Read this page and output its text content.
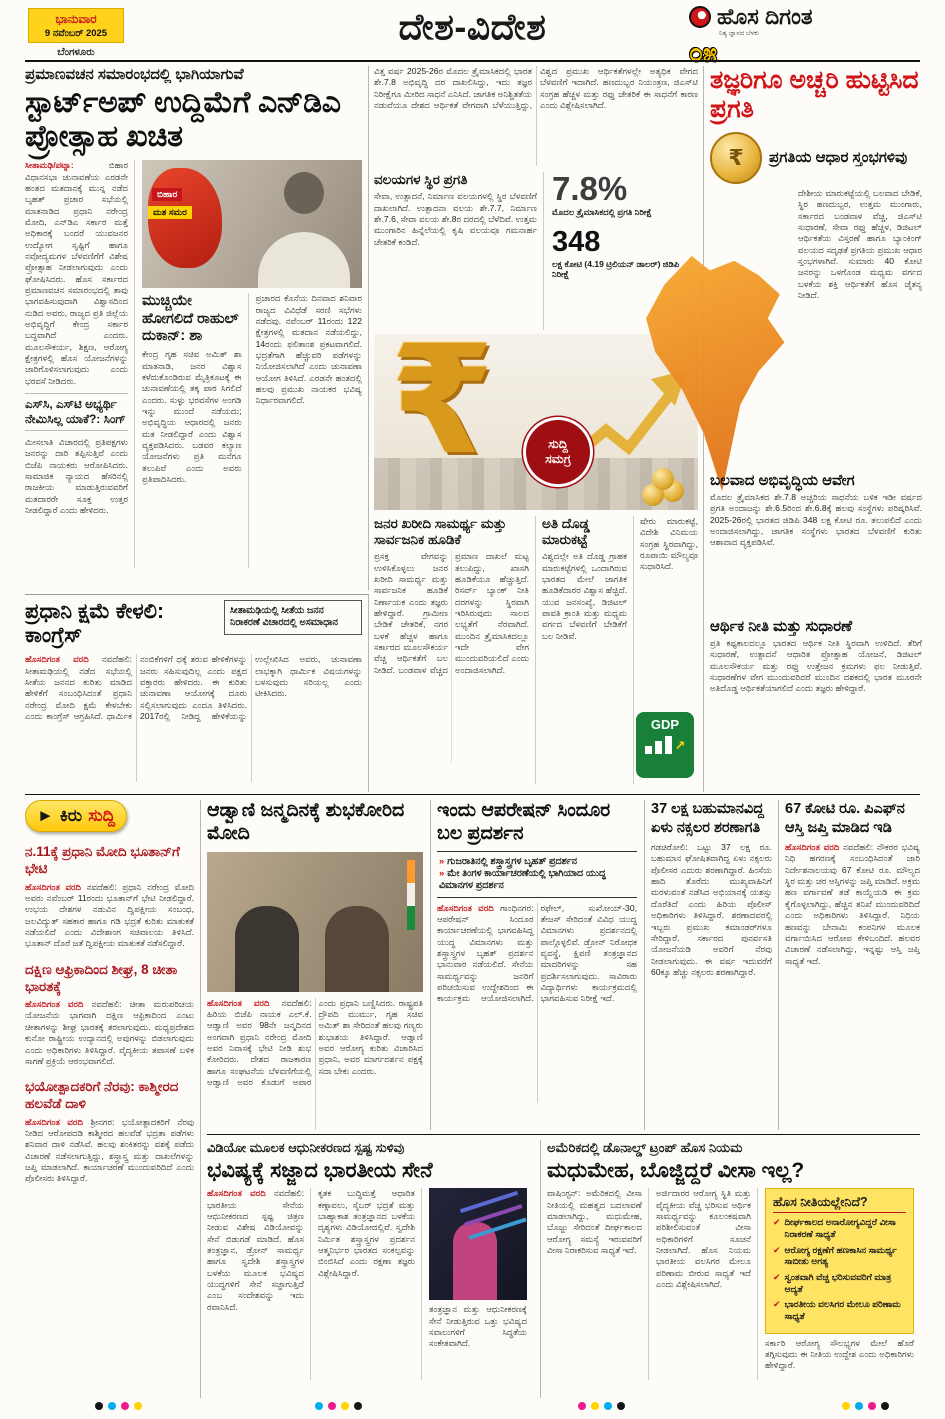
ಭಾನುವಾರ
9 ನವೆಂಬರ್ 2025
ಬೆಂಗಳೂರು
ದೇಶ-ವಿದೇಶ	ಹೊಸ ದಿಗಂತ
ನಿತ್ಯ ಜ್ಞಾನದ ಬೆಳಕು
೦೫
ಪ್ರಮಾಣವಚನ ಸಮಾರಂಭದಲ್ಲಿ ಭಾಗಿಯಾಗುವೆ
ಸ್ಟಾರ್ಟ್‌ಅಪ್ ಉದ್ದಿಮೆಗೆ ಎನ್‌ಡಿಎ ಪ್ರೋತ್ಸಾಹ ಖಚಿತ

ಸೀತಾಮಢಿ/ಪಟ್ನಾ:	ಬಿಹಾರ ವಿಧಾನಸಭಾ ಚುನಾವಣೆಯ ಎರಡನೇ ಹಂತದ ಮತದಾನಕ್ಕೆ ಮುನ್ನ ನಡೆದ ಬೃಹತ್ ಪ್ರಚಾರ ಸಭೆಯಲ್ಲಿ ಮಾತನಾಡಿದ ಪ್ರಧಾನಿ ನರೇಂದ್ರ ಮೋದಿ, ಎನ್‌ಡಿಎ ಸರ್ಕಾರ ಮತ್ತೆ ಅಧಿಕಾರಕ್ಕೆ ಬಂದರೆ ಯುವಜನರ ಉದ್ಯೋಗ ಸೃಷ್ಟಿಗೆ ಹಾಗೂ ನವೋದ್ಯಮಗಳ ಬೆಳವಣಿಗೆಗೆ ವಿಶೇಷ ಪ್ರೋತ್ಸಾಹ ನೀಡಲಾಗುವುದು ಎಂದು ಘೋಷಿಸಿದರು. ಹೊಸ ಸರ್ಕಾರದ ಪ್ರಮಾಣವಚನ ಸಮಾರಂಭದಲ್ಲಿ ತಾವು ಭಾಗವಹಿಸುವುದಾಗಿ ವಿಶ್ವಾಸದಿಂದ ನುಡಿದ ಅವರು, ರಾಜ್ಯದ ಪ್ರತಿ ಜಿಲ್ಲೆಯ ಅಭಿವೃದ್ಧಿಗೆ ಕೇಂದ್ರ ಸರ್ಕಾರ ಬದ್ಧವಾಗಿದೆ ಎಂದರು. ಮೂಲಸೌಕರ್ಯ, ಶಿಕ್ಷಣ, ಆರೋಗ್ಯ ಕ್ಷೇತ್ರಗಳಲ್ಲಿ ಹೊಸ ಯೋಜನೆಗಳನ್ನು ಜಾರಿಗೊಳಿಸಲಾಗುವುದು ಎಂದು ಭರವಸೆ ನೀಡಿದರು.

ಎಸ್‌ಸಿ, ಎಸ್‌ಟಿ ಅಭ್ಯರ್ಥಿ ನೇಮಿಸಿಲ್ಲ ಯಾಕೆ?: ಸಿಂಗ್

ಮೀಸಲಾತಿ ವಿಚಾರದಲ್ಲಿ ಪ್ರತಿಪಕ್ಷಗಳು ಜನರನ್ನು ದಾರಿ ತಪ್ಪಿಸುತ್ತಿವೆ ಎಂದು ಬಿಜೆಪಿ ನಾಯಕರು ಆರೋಪಿಸಿದರು. ಸಾಮಾಜಿಕ ನ್ಯಾಯದ ಹೆಸರಿನಲ್ಲಿ ರಾಜಕೀಯ ಮಾಡುತ್ತಿರುವವರಿಗೆ ಮತದಾರರೇ ಸೂಕ್ತ ಉತ್ತರ ನೀಡಲಿದ್ದಾರೆ ಎಂದು ಹೇಳಿದರು.

ಬಿಹಾರ
ಮತ ಸಮರ
ಮುಚ್ಚಿಯೇ ಹೋಗಲಿದೆ ರಾಹುಲ್ ದುಕಾನ್: ಶಾ

ಕೇಂದ್ರ ಗೃಹ ಸಚಿವ ಅಮಿತ್ ಶಾ ಮಾತನಾಡಿ, ಜನರ ವಿಶ್ವಾಸ ಕಳೆದುಕೊಂಡಿರುವ ಮೈತ್ರಿಕೂಟಕ್ಕೆ ಈ ಚುನಾವಣೆಯಲ್ಲಿ ತಕ್ಕ ಪಾಠ ಸಿಗಲಿದೆ ಎಂದರು. ಸುಳ್ಳು ಭರವಸೆಗಳ ಅಂಗಡಿ ಇನ್ನು ಮುಂದೆ ನಡೆಯದು; ಅಭಿವೃದ್ಧಿಯ ಆಧಾರದಲ್ಲಿ ಜನರು ಮತ ನೀಡಲಿದ್ದಾರೆ ಎಂದು ವಿಶ್ವಾಸ ವ್ಯಕ್ತಪಡಿಸಿದರು. ಬಡವರ ಕಲ್ಯಾಣ ಯೋಜನೆಗಳು ಪ್ರತಿ ಮನೆಗೂ ತಲುಪಿವೆ ಎಂದು ಅವರು ಪ್ರತಿಪಾದಿಸಿದರು.

ಪ್ರಚಾರದ ಕೊನೆಯ ದಿನವಾದ ಶನಿವಾರ ರಾಜ್ಯದ ವಿವಿಧೆಡೆ ಸರಣಿ ಸಭೆಗಳು ನಡೆದವು. ನವೆಂಬರ್ 11ರಂದು 122 ಕ್ಷೇತ್ರಗಳಲ್ಲಿ ಮತದಾನ ನಡೆಯಲಿದ್ದು, 14ರಂದು ಫಲಿತಾಂಶ ಪ್ರಕಟವಾಗಲಿದೆ. ಭದ್ರತೆಗಾಗಿ ಹೆಚ್ಚುವರಿ ಪಡೆಗಳನ್ನು ನಿಯೋಜಿಸಲಾಗಿದೆ ಎಂದು ಚುನಾವಣಾ ಆಯೋಗ ತಿಳಿಸಿದೆ. ಎರಡನೇ ಹಂತದಲ್ಲಿ ಹಲವು ಪ್ರಮುಖ ನಾಯಕರ ಭವಿಷ್ಯ ನಿರ್ಧಾರವಾಗಲಿದೆ.

ಪ್ರಧಾನಿ ಕ್ಷಮೆ ಕೇಳಲಿ: ಕಾಂಗ್ರೆಸ್
ಸೀತಾಮಢಿಯಲ್ಲಿ ಸೀತೆಯ ಜನನ ನಿರಾಕರಣೆ ವಿಚಾರದಲ್ಲಿ ಅಸಮಾಧಾನ
ಹೊಸದಿಗಂತ ವರದಿ ನವದೆಹಲಿ: ಸೀತಾಮಢಿಯಲ್ಲಿ ನಡೆದ ಸಭೆಯಲ್ಲಿ ಸೀತೆಯ ಜನನದ ಕುರಿತು ಮಾಡಿದ ಹೇಳಿಕೆಗೆ ಸಂಬಂಧಿಸಿದಂತೆ ಪ್ರಧಾನಿ ನರೇಂದ್ರ ಮೋದಿ ಕ್ಷಮೆ ಕೇಳಬೇಕು ಎಂದು ಕಾಂಗ್ರೆಸ್ ಆಗ್ರಹಿಸಿದೆ. ಧಾರ್ಮಿಕ ನಂಬಿಕೆಗಳಿಗೆ ಧಕ್ಕೆ ತರುವ ಹೇಳಿಕೆಗಳನ್ನು ಜನರು ಸಹಿಸುವುದಿಲ್ಲ ಎಂದು ಪಕ್ಷದ ವಕ್ತಾರರು ಹೇಳಿದರು. ಈ ಕುರಿತು ಚುನಾವಣಾ ಆಯೋಗಕ್ಕೆ ದೂರು ಸಲ್ಲಿಸಲಾಗುವುದು ಎಂದೂ ತಿಳಿಸಿದರು. 2017ರಲ್ಲಿ ನೀಡಿದ್ದ ಹೇಳಿಕೆಯನ್ನು ಉಲ್ಲೇಖಿಸಿದ ಅವರು, ಚುನಾವಣಾ ಲಾಭಕ್ಕಾಗಿ ಧಾರ್ಮಿಕ ವಿಷಯಗಳನ್ನು ಬಳಸುವುದು ಸರಿಯಲ್ಲ ಎಂದು ಟೀಕಿಸಿದರು.
ವಿತ್ತ ವರ್ಷ 2025-26ರ ಮೊದಲ ತ್ರೈಮಾಸಿಕದಲ್ಲಿ ಭಾರತ ಶೇ.7.8 ಅಭಿವೃದ್ಧಿ ದರ ದಾಖಲಿಸಿದ್ದು, ಇದು ತಜ್ಞರ ನಿರೀಕ್ಷೆಗೂ ಮೀರಿದ ಸಾಧನೆ ಎನಿಸಿದೆ. ಜಾಗತಿಕ ಅನಿಶ್ಚಿತತೆಯ ನಡುವೆಯೂ ದೇಶದ ಆರ್ಥಿಕತೆ ವೇಗವಾಗಿ ಬೆಳೆಯುತ್ತಿದ್ದು, ವಿಶ್ವದ ಪ್ರಮುಖ ಆರ್ಥಿಕತೆಗಳಲ್ಲೇ ಅತ್ಯಧಿಕ ವೇಗದ ಬೆಳವಣಿಗೆ ಇದಾಗಿದೆ. ಹಣದುಬ್ಬರ ನಿಯಂತ್ರಣ, ಜಿಎಸ್‌ಟಿ ಸಂಗ್ರಹ ಹೆಚ್ಚಳ ಮತ್ತು ರಫ್ತು ಚೇತರಿಕೆ ಈ ಸಾಧನೆಗೆ ಕಾರಣ ಎಂದು ವಿಶ್ಲೇಷಿಸಲಾಗಿದೆ.
ವಲಯಗಳ ಸ್ಥಿರ ಪ್ರಗತಿ

ಸೇವಾ, ಉತ್ಪಾದನೆ, ನಿರ್ಮಾಣ ವಲಯಗಳಲ್ಲಿ ಸ್ಥಿರ ಬೆಳವಣಿಗೆ ದಾಖಲಾಗಿದೆ. ಉತ್ಪಾದನಾ ವಲಯ ಶೇ.7.7, ನಿರ್ಮಾಣ ಶೇ.7.6, ಸೇವಾ ವಲಯ ಶೇ.8ರ ದರದಲ್ಲಿ ಬೆಳೆದಿವೆ. ಉತ್ತಮ ಮುಂಗಾರಿನ ಹಿನ್ನೆಲೆಯಲ್ಲಿ ಕೃಷಿ ವಲಯವೂ ಗಮನಾರ್ಹ ಚೇತರಿಕೆ ಕಂಡಿದೆ.

7.8%
ಮೊದಲ ತ್ರೈಮಾಸಿಕದಲ್ಲಿ ಪ್ರಗತಿ ನಿರೀಕ್ಷೆ
348
ಲಕ್ಷ ಕೋಟಿ (4.19 ಟ್ರಿಲಿಯನ್ ಡಾಲರ್) ಜಿಡಿಪಿ ನಿರೀಕ್ಷೆ
₹	ಸುದ್ದಿ
ಸಮಗ್ರ
ಜನರ ಖರೀದಿ ಸಾಮರ್ಥ್ಯ ಮತ್ತು ಸಾರ್ವಜನಿಕ ಹೂಡಿಕೆ
ಪ್ರಸಕ್ತ ವೇಗವನ್ನು ಉಳಿಸಿಕೊಳ್ಳಲು ಜನರ ಖರೀದಿ ಸಾಮರ್ಥ್ಯ ಮತ್ತು ಸಾರ್ವಜನಿಕ ಹೂಡಿಕೆ ನಿರ್ಣಾಯಕ ಎಂದು ತಜ್ಞರು ಹೇಳಿದ್ದಾರೆ. ಗ್ರಾಮೀಣ ಬೇಡಿಕೆ ಚೇತರಿಕೆ, ನಗರ ಬಳಕೆ ಹೆಚ್ಚಳ ಹಾಗೂ ಸರ್ಕಾರದ ಮೂಲಸೌಕರ್ಯ ವೆಚ್ಚ ಆರ್ಥಿಕತೆಗೆ ಬಲ ನೀಡಿದೆ. ಬಂಡವಾಳ ವೆಚ್ಚದ ಪ್ರಮಾಣ ದಾಖಲೆ ಮಟ್ಟ ತಲುಪಿದ್ದು, ಖಾಸಗಿ ಹೂಡಿಕೆಯೂ ಹೆಚ್ಚುತ್ತಿದೆ. ರಿಸರ್ವ್ ಬ್ಯಾಂಕ್ ನೀತಿ ದರಗಳನ್ನು ಸ್ಥಿರವಾಗಿ ಇರಿಸಿರುವುದು ಸಾಲದ ಲಭ್ಯತೆಗೆ ನೆರವಾಗಿದೆ. ಮುಂದಿನ ತ್ರೈಮಾಸಿಕದಲ್ಲೂ ಇದೇ ವೇಗ ಮುಂದುವರಿಯಲಿದೆ ಎಂದು ಅಂದಾಜಿಸಲಾಗಿದೆ.
ಅತಿ ದೊಡ್ಡ ಮಾರುಕಟ್ಟೆ

ವಿಶ್ವದಲ್ಲೇ ಅತಿ ದೊಡ್ಡ ಗ್ರಾಹಕ ಮಾರುಕಟ್ಟೆಗಳಲ್ಲಿ ಒಂದಾಗಿರುವ ಭಾರತದ ಮೇಲೆ ಜಾಗತಿಕ ಹೂಡಿಕೆದಾರರ ವಿಶ್ವಾಸ ಹೆಚ್ಚಿದೆ. ಯುವ ಜನಸಂಖ್ಯೆ, ಡಿಜಿಟಲ್ ಪಾವತಿ ಕ್ರಾಂತಿ ಮತ್ತು ಮಧ್ಯಮ ವರ್ಗದ ಬೆಳವಣಿಗೆ ಬೇಡಿಕೆಗೆ ಬಲ ನೀಡಿವೆ.

ಷೇರು ಮಾರುಕಟ್ಟೆ, ವಿದೇಶಿ ವಿನಿಮಯ ಸಂಗ್ರಹ ಸ್ಥಿರವಾಗಿದ್ದು, ರೂಪಾಯಿ ಮೌಲ್ಯವೂ ಸುಧಾರಿಸಿದೆ.

GDP
↗
ತಜ್ಞರಿಗೂ ಅಚ್ಚರಿ ಹುಟ್ಟಿಸಿದ ಪ್ರಗತಿ
₹	ಪ್ರಗತಿಯ ಆಧಾರ ಸ್ತಂಭಗಳಿವು
ದೇಶೀಯ ಮಾರುಕಟ್ಟೆಯಲ್ಲಿ ಬಲವಾದ ಬೇಡಿಕೆ, ಸ್ಥಿರ ಹಣದುಬ್ಬರ, ಉತ್ತಮ ಮುಂಗಾರು, ಸರ್ಕಾರದ ಬಂಡವಾಳ ವೆಚ್ಚ, ಜಿಎಸ್‌ಟಿ ಸುಧಾರಣೆ, ಸೇವಾ ರಫ್ತು ಹೆಚ್ಚಳ, ಡಿಜಿಟಲ್ ಆರ್ಥಿಕತೆಯ ವಿಸ್ತರಣೆ ಹಾಗೂ ಬ್ಯಾಂಕಿಂಗ್ ವಲಯದ ಸದೃಢತೆ ಪ್ರಗತಿಯ ಪ್ರಮುಖ ಆಧಾರ ಸ್ತಂಭಗಳಾಗಿವೆ. ಸುಮಾರು 40 ಕೋಟಿ ಜನರನ್ನು ಒಳಗೊಂಡ ಮಧ್ಯಮ ವರ್ಗದ ಬಳಕೆಯ ಶಕ್ತಿ ಆರ್ಥಿಕತೆಗೆ ಹೊಸ ಚೈತನ್ಯ ನೀಡಿದೆ.
ಬಲವಾದ ಅಭಿವೃದ್ಧಿಯ ಆವೇಗ
ಮೊದಲ ತ್ರೈಮಾಸಿಕದ ಶೇ.7.8 ಅಚ್ಚರಿಯ ಸಾಧನೆಯ ಬಳಿಕ ಇಡೀ ವರ್ಷದ ಪ್ರಗತಿ ಅಂದಾಜನ್ನು ಶೇ.6.5ರಿಂದ ಶೇ.6.8ಕ್ಕೆ ಹಲವು ಸಂಸ್ಥೆಗಳು ಪರಿಷ್ಕರಿಸಿವೆ. 2025-26ರಲ್ಲಿ ಭಾರತದ ಜಿಡಿಪಿ 348 ಲಕ್ಷ ಕೋಟಿ ರೂ. ತಲುಪಲಿದೆ ಎಂದು ಅಂದಾಜಿಸಲಾಗಿದ್ದು, ಜಾಗತಿಕ ಸಂಸ್ಥೆಗಳು ಭಾರತದ ಬೆಳವಣಿಗೆ ಕುರಿತು ಆಶಾವಾದ ವ್ಯಕ್ತಪಡಿಸಿವೆ.
ಆರ್ಥಿಕ ನೀತಿ ಮತ್ತು ಸುಧಾರಣೆ
ಪ್ರತಿ ಕಷ್ಟಕಾಲದಲ್ಲೂ ಭಾರತದ ಆರ್ಥಿಕ ನೀತಿ ಸ್ಥಿರವಾಗಿ ಉಳಿದಿದೆ. ತೆರಿಗೆ ಸುಧಾರಣೆ, ಉತ್ಪಾದನೆ ಆಧಾರಿತ ಪ್ರೋತ್ಸಾಹ ಯೋಜನೆ, ಡಿಜಿಟಲ್ ಮೂಲಸೌಕರ್ಯ ಮತ್ತು ರಫ್ತು ಉತ್ತೇಜನ ಕ್ರಮಗಳು ಫಲ ನೀಡುತ್ತಿವೆ. ಸುಧಾರಣೆಗಳ ವೇಗ ಮುಂದುವರಿದರೆ ಮುಂದಿನ ದಶಕದಲ್ಲಿ ಭಾರತ ಮೂರನೇ ಅತಿದೊಡ್ಡ ಆರ್ಥಿಕತೆಯಾಗಲಿದೆ ಎಂದು ತಜ್ಞರು ಹೇಳಿದ್ದಾರೆ.
► ಕಿರು ಸುದ್ದಿ
ನ.11ಕ್ಕೆ ಪ್ರಧಾನಿ ಮೋದಿ ಭೂತಾನ್‌ಗೆ ಭೇಟಿ

ಹೊಸದಿಗಂತ ವರದಿ ನವದೆಹಲಿ: ಪ್ರಧಾನಿ ನರೇಂದ್ರ ಮೋದಿ ಅವರು ನವೆಂಬರ್ 11ರಂದು ಭೂತಾನ್‌ಗೆ ಭೇಟಿ ನೀಡಲಿದ್ದಾರೆ. ಉಭಯ ದೇಶಗಳ ನಡುವಿನ ದ್ವಿಪಕ್ಷೀಯ ಸಂಬಂಧ, ಜಲವಿದ್ಯುತ್ ಸಹಕಾರ ಹಾಗೂ ಗಡಿ ಭದ್ರತೆ ಕುರಿತು ಮಾತುಕತೆ ನಡೆಯಲಿದೆ ಎಂದು ವಿದೇಶಾಂಗ ಸಚಿವಾಲಯ ತಿಳಿಸಿದೆ. ಭೂತಾನ್ ದೊರೆ ಜತೆ ದ್ವಿಪಕ್ಷೀಯ ಮಾತುಕತೆ ನಡೆಸಲಿದ್ದಾರೆ.

ದಕ್ಷಿಣ ಆಫ್ರಿಕಾದಿಂದ ಶೀಘ್ರ, 8 ಚೀತಾ ಭಾರತಕ್ಕೆ

ಹೊಸದಿಗಂತ ವರದಿ ನವದೆಹಲಿ: ಚೀತಾ ಮರುಪರಿಚಯ ಯೋಜನೆಯ ಭಾಗವಾಗಿ ದಕ್ಷಿಣ ಆಫ್ರಿಕಾದಿಂದ ಎಂಟು ಚೀತಾಗಳನ್ನು ಶೀಘ್ರ ಭಾರತಕ್ಕೆ ತರಲಾಗುವುದು. ಮಧ್ಯಪ್ರದೇಶದ ಕುನೋ ರಾಷ್ಟ್ರೀಯ ಉದ್ಯಾನದಲ್ಲಿ ಅವುಗಳನ್ನು ಬಿಡಲಾಗುವುದು ಎಂದು ಅಧಿಕಾರಿಗಳು ತಿಳಿಸಿದ್ದಾರೆ. ವೈದ್ಯಕೀಯ ತಪಾಸಣೆ ಬಳಿಕ ಸಾಗಣೆ ಪ್ರಕ್ರಿಯೆ ಆರಂಭವಾಗಲಿದೆ.

ಭಯೋತ್ಪಾದಕರಿಗೆ ನೆರವು: ಕಾಶ್ಮೀರದ ಹಲವೆಡೆ ದಾಳಿ

ಹೊಸದಿಗಂತ ವರದಿ ಶ್ರೀನಗರ: ಭಯೋತ್ಪಾದಕರಿಗೆ ನೆರವು ನೀಡಿದ ಆರೋಪದಡಿ ಕಾಶ್ಮೀರದ ಹಲವೆಡೆ ಭದ್ರತಾ ಪಡೆಗಳು ಶನಿವಾರ ದಾಳಿ ನಡೆಸಿವೆ. ಹಲವು ಶಂಕಿತರನ್ನು ವಶಕ್ಕೆ ಪಡೆದು ವಿಚಾರಣೆ ನಡೆಸಲಾಗುತ್ತಿದ್ದು, ಶಸ್ತ್ರಾಸ್ತ್ರ ಮತ್ತು ದಾಖಲೆಗಳನ್ನು ಜಪ್ತಿ ಮಾಡಲಾಗಿದೆ. ಕಾರ್ಯಾಚರಣೆ ಮುಂದುವರಿದಿದೆ ಎಂದು ಪೊಲೀಸರು ತಿಳಿಸಿದ್ದಾರೆ.

ಆಡ್ವಾಣಿ ಜನ್ಮದಿನಕ್ಕೆ ಶುಭಕೋರಿದ ಮೋದಿ
ಹೊಸದಿಗಂತ ವರದಿ ನವದೆಹಲಿ: ಹಿರಿಯ ಬಿಜೆಪಿ ನಾಯಕ ಎಲ್.ಕೆ. ಆಡ್ವಾಣಿ ಅವರ 98ನೇ ಜನ್ಮದಿನದ ಅಂಗವಾಗಿ ಪ್ರಧಾನಿ ನರೇಂದ್ರ ಮೋದಿ ಅವರ ನಿವಾಸಕ್ಕೆ ಭೇಟಿ ನೀಡಿ ಶುಭ ಕೋರಿದರು. ದೇಶದ ರಾಜಕಾರಣ ಹಾಗೂ ಸಂಘಟನೆಯ ಬೆಳವಣಿಗೆಯಲ್ಲಿ ಆಡ್ವಾಣಿ ಅವರ ಕೊಡುಗೆ ಅಪಾರ ಎಂದು ಪ್ರಧಾನಿ ಬಣ್ಣಿಸಿದರು. ರಾಷ್ಟ್ರಪತಿ ದ್ರೌಪದಿ ಮುರ್ಮು, ಗೃಹ ಸಚಿವ ಅಮಿತ್ ಶಾ ಸೇರಿದಂತೆ ಹಲವು ಗಣ್ಯರು ಶುಭಾಶಯ ತಿಳಿಸಿದ್ದಾರೆ. ಆಡ್ವಾಣಿ ಅವರ ಆರೋಗ್ಯ ಕುರಿತು ವಿಚಾರಿಸಿದ ಪ್ರಧಾನಿ, ಅವರ ಮಾರ್ಗದರ್ಶನ ಪಕ್ಷಕ್ಕೆ ಸದಾ ಬೇಕು ಎಂದರು.
ಇಂದು ಆಪರೇಷನ್ ಸಿಂದೂರ ಬಲ ಪ್ರದರ್ಶನ
» ಗುಜರಾತಿನಲ್ಲಿ ಶಸ್ತ್ರಾಸ್ತ್ರಗಳ ಬೃಹತ್ ಪ್ರದರ್ಶನ
» ಮೇ ತಿಂಗಳ ಕಾರ್ಯಾಚರಣೆಯಲ್ಲಿ ಭಾಗಿಯಾದ ಯುದ್ಧ ವಿಮಾನಗಳ ಪ್ರದರ್ಶನ
ಹೊಸದಿಗಂತ ವರದಿ ಗಾಂಧಿನಗರ: ಆಪರೇಷನ್ ಸಿಂದೂರ ಕಾರ್ಯಾಚರಣೆಯಲ್ಲಿ ಭಾಗವಹಿಸಿದ್ದ ಯುದ್ಧ ವಿಮಾನಗಳು ಮತ್ತು ಶಸ್ತ್ರಾಸ್ತ್ರಗಳ ಬೃಹತ್ ಪ್ರದರ್ಶನ ಭಾನುವಾರ ನಡೆಯಲಿದೆ. ಸೇನೆಯ ಸಾಮರ್ಥ್ಯವನ್ನು ಜನರಿಗೆ ಪರಿಚಯಿಸುವ ಉದ್ದೇಶದಿಂದ ಈ ಕಾರ್ಯಕ್ರಮ ಆಯೋಜಿಸಲಾಗಿದೆ. ರಫೇಲ್, ಸುಖೋಯ್-30, ತೇಜಸ್ ಸೇರಿದಂತೆ ವಿವಿಧ ಯುದ್ಧ ವಿಮಾನಗಳು ಪ್ರದರ್ಶನದಲ್ಲಿ ಪಾಲ್ಗೊಳ್ಳಲಿವೆ. ಡ್ರೋನ್ ನಿರೋಧಕ ವ್ಯವಸ್ಥೆ, ಕ್ಷಿಪಣಿ ತಂತ್ರಜ್ಞಾನದ ಮಾದರಿಗಳನ್ನು ಸಹ ಪ್ರದರ್ಶಿಸಲಾಗುವುದು. ಸಾವಿರಾರು ವಿದ್ಯಾರ್ಥಿಗಳು ಕಾರ್ಯಕ್ರಮದಲ್ಲಿ ಭಾಗವಹಿಸುವ ನಿರೀಕ್ಷೆ ಇದೆ.
37 ಲಕ್ಷ ಬಹುಮಾನವಿದ್ದ ಏಳು ನಕ್ಸಲರ ಶರಣಾಗತಿ

ಗಡಚಿರೋಲಿ: ಒಟ್ಟು 37 ಲಕ್ಷ ರೂ. ಬಹುಮಾನ ಘೋಷಿತವಾಗಿದ್ದ ಏಳು ನಕ್ಸಲರು ಪೊಲೀಸರ ಎದುರು ಶರಣಾಗಿದ್ದಾರೆ. ಹಿಂಸೆಯ ಹಾದಿ ತೊರೆದು ಮುಖ್ಯವಾಹಿನಿಗೆ ಮರಳುವಂತೆ ನಡೆಸಿದ ಅಭಿಯಾನಕ್ಕೆ ಯಶಸ್ಸು ದೊರೆತಿದೆ ಎಂದು ಹಿರಿಯ ಪೊಲೀಸ್ ಅಧಿಕಾರಿಗಳು ತಿಳಿಸಿದ್ದಾರೆ. ಶರಣಾದವರಲ್ಲಿ ಇಬ್ಬರು ಪ್ರಮುಖ ಕಮಾಂಡರ್‌ಗಳೂ ಸೇರಿದ್ದಾರೆ. ಸರ್ಕಾರದ ಪುನರ್ವಸತಿ ಯೋಜನೆಯಡಿ ಅವರಿಗೆ ನೆರವು ನೀಡಲಾಗುವುದು. ಈ ವರ್ಷ ಇದುವರೆಗೆ 60ಕ್ಕೂ ಹೆಚ್ಚು ನಕ್ಸಲರು ಶರಣಾಗಿದ್ದಾರೆ.

67 ಕೋಟಿ ರೂ. ಪಿಎಫ್‌ನ ಆಸ್ತಿ ಜಪ್ತಿ ಮಾಡಿದ ಇಡಿ

ಹೊಸದಿಗಂತ ವರದಿ ನವದೆಹಲಿ: ನೌಕರರ ಭವಿಷ್ಯ ನಿಧಿ ಹಗರಣಕ್ಕೆ ಸಂಬಂಧಿಸಿದಂತೆ ಜಾರಿ ನಿರ್ದೇಶನಾಲಯವು 67 ಕೋಟಿ ರೂ. ಮೌಲ್ಯದ ಸ್ಥಿರ ಮತ್ತು ಚರ ಆಸ್ತಿಗಳನ್ನು ಜಪ್ತಿ ಮಾಡಿದೆ. ಅಕ್ರಮ ಹಣ ವರ್ಗಾವಣೆ ತಡೆ ಕಾಯ್ದೆಯಡಿ ಈ ಕ್ರಮ ಕೈಗೊಳ್ಳಲಾಗಿದ್ದು, ಹೆಚ್ಚಿನ ತನಿಖೆ ಮುಂದುವರಿದಿದೆ ಎಂದು ಅಧಿಕಾರಿಗಳು ತಿಳಿಸಿದ್ದಾರೆ. ನಿಧಿಯ ಹಣವನ್ನು ಬೇನಾಮಿ ಕಂಪನಿಗಳ ಮೂಲಕ ವರ್ಗಾಯಿಸಿದ ಆರೋಪ ಕೇಳಿಬಂದಿದೆ. ಹಲವರ ವಿಚಾರಣೆ ನಡೆಸಲಾಗಿದ್ದು, ಇನ್ನಷ್ಟು ಆಸ್ತಿ ಜಪ್ತಿ ಸಾಧ್ಯತೆ ಇದೆ.

ವಿಡಿಯೋ ಮೂಲಕ ಆಧುನೀಕರಣದ ಸ್ಪಷ್ಟ ಸುಳಿವು
ಭವಿಷ್ಯಕ್ಕೆ ಸಜ್ಜಾದ ಭಾರತೀಯ ಸೇನೆ

ಹೊಸದಿಗಂತ ವರದಿ ನವದೆಹಲಿ: ಭಾರತೀಯ ಸೇನೆಯ ಆಧುನೀಕರಣದ ಸ್ಪಷ್ಟ ಚಿತ್ರಣ ನೀಡುವ ವಿಶೇಷ ವಿಡಿಯೋವನ್ನು ಸೇನೆ ಬಿಡುಗಡೆ ಮಾಡಿದೆ. ಹೊಸ ತಂತ್ರಜ್ಞಾನ, ಡ್ರೋನ್ ಸಾಮರ್ಥ್ಯ ಹಾಗೂ ಸ್ವದೇಶಿ ಶಸ್ತ್ರಾಸ್ತ್ರಗಳ ಬಳಕೆಯ ಮೂಲಕ ಭವಿಷ್ಯದ ಯುದ್ಧಗಳಿಗೆ ಸೇನೆ ಸಜ್ಜಾಗುತ್ತಿದೆ ಎಂಬ ಸಂದೇಶವನ್ನು ಇದು ರವಾನಿಸಿದೆ.

ಕೃತಕ ಬುದ್ಧಿಮತ್ತೆ ಆಧಾರಿತ ಕಣ್ಗಾವಲು, ಸೈಬರ್ ಭದ್ರತೆ ಮತ್ತು ಬಾಹ್ಯಾಕಾಶ ತಂತ್ರಜ್ಞಾನದ ಬಳಕೆಯ ದೃಶ್ಯಗಳು ವಿಡಿಯೋದಲ್ಲಿವೆ. ಸ್ವದೇಶಿ ನಿರ್ಮಿತ ಶಸ್ತ್ರಾಸ್ತ್ರಗಳ ಪ್ರದರ್ಶನ ಆತ್ಮನಿರ್ಭರ ಭಾರತದ ಸಂಕಲ್ಪವನ್ನು ಬಿಂಬಿಸಿದೆ ಎಂದು ರಕ್ಷಣಾ ತಜ್ಞರು ವಿಶ್ಲೇಷಿಸಿದ್ದಾರೆ.

ತಂತ್ರಜ್ಞಾನ ಮತ್ತು ಆಧುನೀಕರಣಕ್ಕೆ ಸೇನೆ ನೀಡುತ್ತಿರುವ ಒತ್ತು ಭವಿಷ್ಯದ ಸವಾಲುಗಳಿಗೆ ಸಿದ್ಧತೆಯ ಸಂಕೇತವಾಗಿದೆ.

ಅಮೆರಿಕದಲ್ಲಿ ಡೊನಾಲ್ಡ್ ಟ್ರಂಪ್ ಹೊಸ ನಿಯಮ
ಮಧುಮೇಹ, ಬೊಜ್ಜಿದ್ದರೆ ವೀಸಾ ಇಲ್ಲ?

ವಾಷಿಂಗ್ಟನ್: ಅಮೆರಿಕದಲ್ಲಿ ವೀಸಾ ನೀತಿಯಲ್ಲಿ ಮಹತ್ವದ ಬದಲಾವಣೆ ಮಾಡಲಾಗಿದ್ದು, ಮಧುಮೇಹ, ಬೊಜ್ಜು ಸೇರಿದಂತೆ ದೀರ್ಘಕಾಲದ ಆರೋಗ್ಯ ಸಮಸ್ಯೆ ಇರುವವರಿಗೆ ವೀಸಾ ನಿರಾಕರಿಸುವ ಸಾಧ್ಯತೆ ಇದೆ.

ಅರ್ಜಿದಾರರ ಆರೋಗ್ಯ ಸ್ಥಿತಿ ಮತ್ತು ವೈದ್ಯಕೀಯ ವೆಚ್ಚ ಭರಿಸುವ ಆರ್ಥಿಕ ಸಾಮರ್ಥ್ಯವನ್ನು ಕೂಲಂಕಷವಾಗಿ ಪರಿಶೀಲಿಸುವಂತೆ ವೀಸಾ ಅಧಿಕಾರಿಗಳಿಗೆ ಸೂಚನೆ ನೀಡಲಾಗಿದೆ. ಹೊಸ ನಿಯಮ ಭಾರತೀಯ ವಲಸಿಗರ ಮೇಲೂ ಪರಿಣಾಮ ಬೀರುವ ಸಾಧ್ಯತೆ ಇದೆ ಎಂದು ವಿಶ್ಲೇಷಿಸಲಾಗಿದೆ.

ಹೊಸ ನೀತಿಯಲ್ಲೇನಿದೆ?
✔ ದೀರ್ಘಕಾಲದ ಅನಾರೋಗ್ಯವಿದ್ದರೆ ವೀಸಾ ನಿರಾಕರಣೆ ಸಾಧ್ಯತೆ
✔ ಆರೋಗ್ಯ ರಕ್ಷಣೆಗೆ ಹಣಕಾಸಿನ ಸಾಮರ್ಥ್ಯ ಸಾಬೀತು ಅಗತ್ಯ
✔ ಸ್ವಂತವಾಗಿ ವೆಚ್ಚ ಭರಿಸುವವರಿಗೆ ಮಾತ್ರ ಆದ್ಯತೆ
✔ ಭಾರತೀಯ ವಲಸಿಗರ ಮೇಲೂ ಪರಿಣಾಮ ಸಾಧ್ಯತೆ

ಸರ್ಕಾರಿ ಆರೋಗ್ಯ ಸೌಲಭ್ಯಗಳ ಮೇಲೆ ಹೊರೆ ತಗ್ಗಿಸುವುದು ಈ ನೀತಿಯ ಉದ್ದೇಶ ಎಂದು ಅಧಿಕಾರಿಗಳು ಹೇಳಿದ್ದಾರೆ.
